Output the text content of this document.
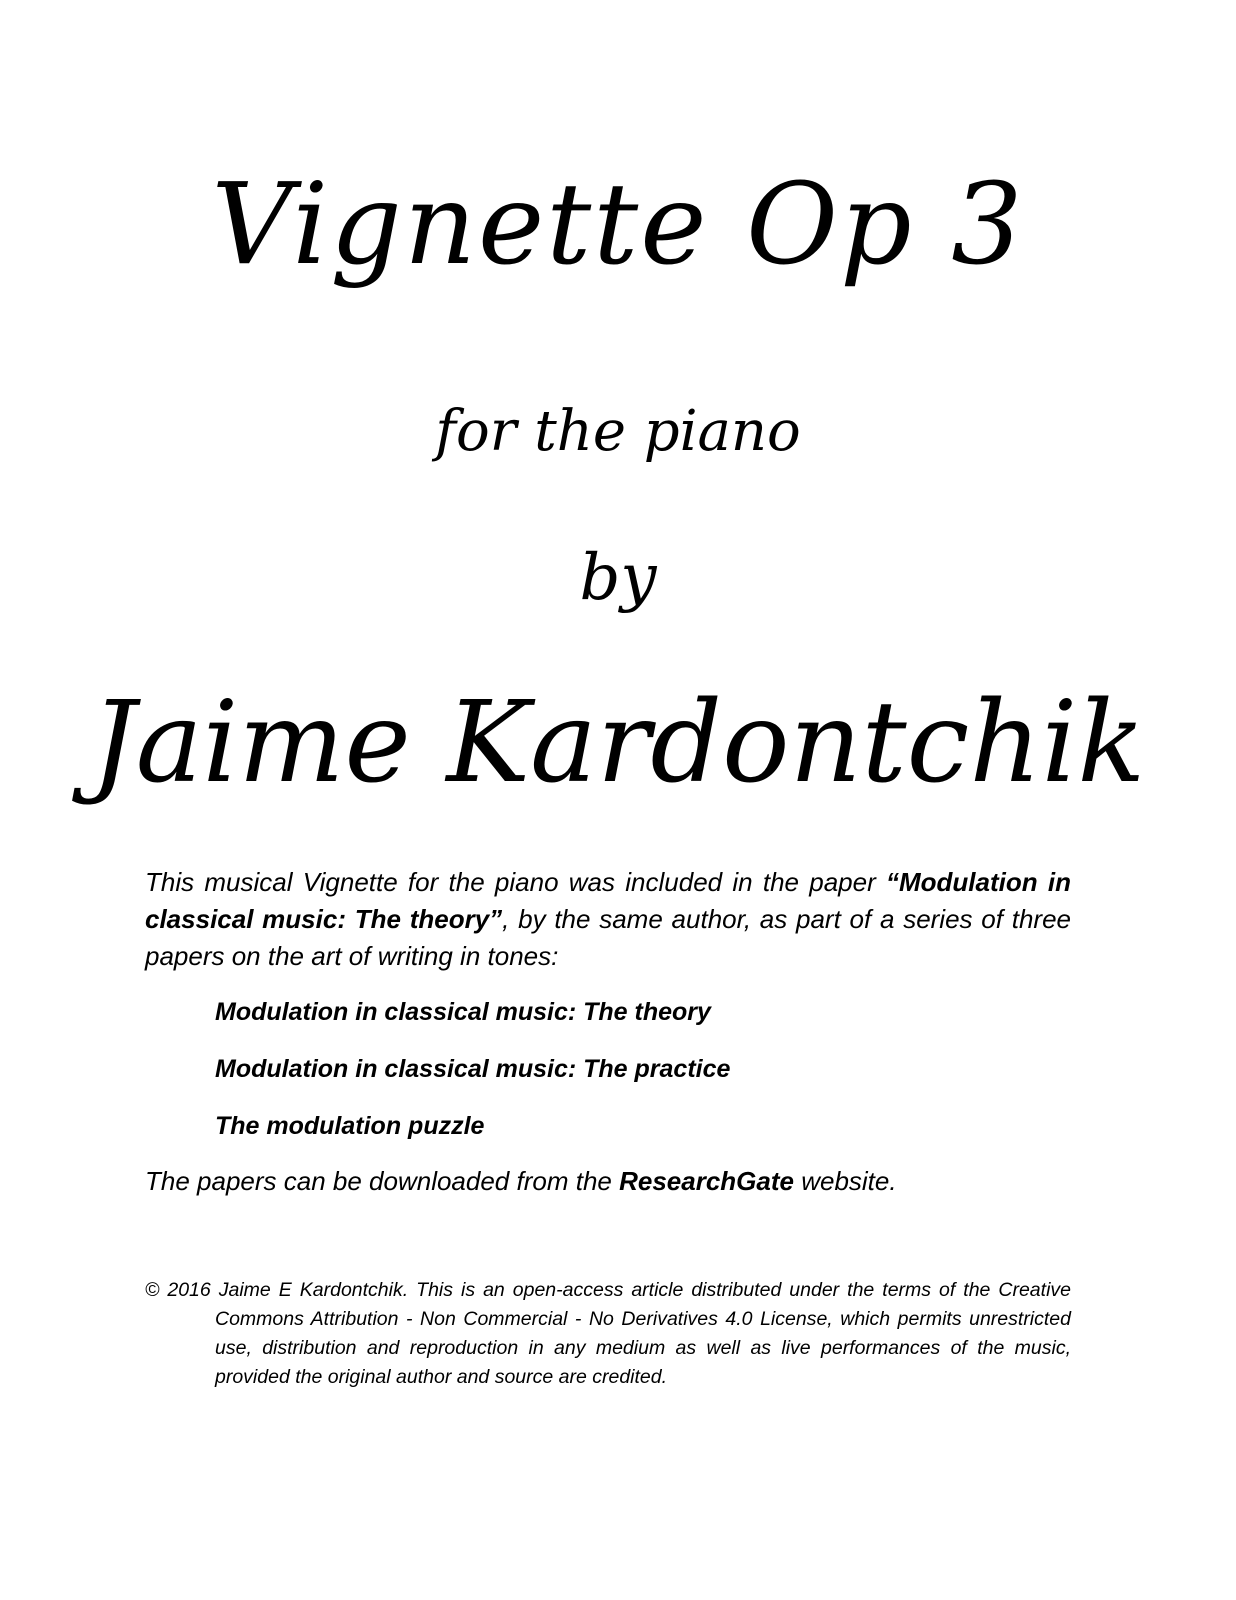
Vignette Op 3
for the piano
by
Jaime Kardontchik

This musical Vignette for the piano was included in the paper “Modulation in classical music: The theory”, by the same author, as part of a series of three papers on the art of writing in tones:

Modulation in classical music: The theory
Modulation in classical music: The practice
The modulation puzzle

The papers can be downloaded from the ResearchGate website.

© 2016 Jaime E Kardontchik. This is an open-access article distributed under the terms of the Creative Commons Attribution - Non Commercial - No Derivatives 4.0 License, which permits unrestricted use, distribution and reproduction in any medium as well as live performances of the music, provided the original author and source are credited.
